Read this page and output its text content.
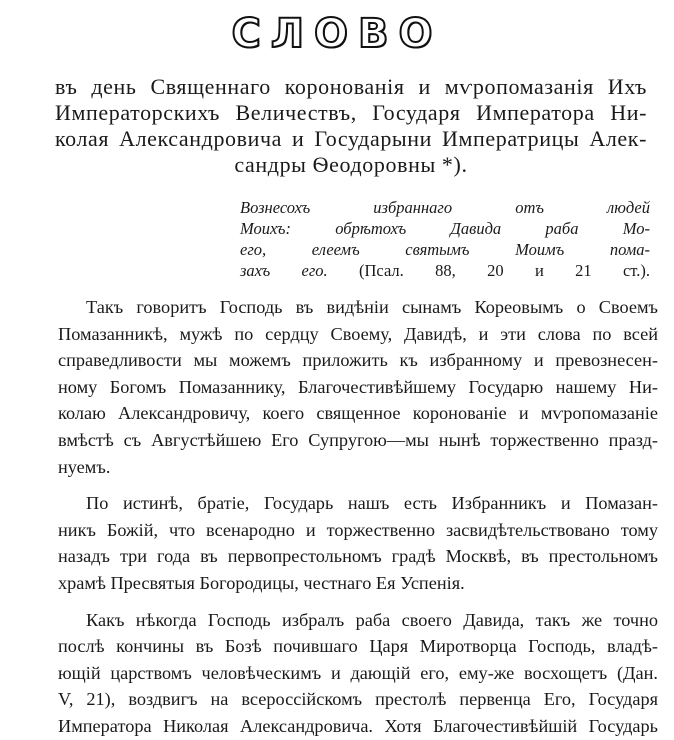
СЛОВО
въ день Священнаго коронованія и мѵропомазанія Ихъ
Императорскихъ Величествъ, Государя Императора Ни-
колая Александровича и Государыни Императрицы Алек-
сандры Ѳеодоровны *).
Вознесохъ избраннаго отъ людей
Моихъ: обрѣтохъ Давида раба Мо-
его, елеемъ святымъ Моимъ пома-
захъ его. (Псал. 88, 20 и 21 ст.).
Такъ говоритъ Господь въ видѣніи сынамъ Кореовымъ о Своемъ
Помазанникѣ, мужѣ по сердцу Своему, Давидѣ, и эти слова по всей
справедливости мы можемъ приложить къ избранному и превознесен-
ному Богомъ Помазаннику, Благочестивѣйшему Государю нашему Ни-
колаю Александровичу, коего священное коронованіе и мѵропомазаніе
вмѣстѣ съ Августѣйшею Его Супругою—мы нынѣ торжественно празд-
нуемъ.
По истинѣ, братіе, Государь нашъ есть Избранникъ и Помазан-
никъ Божій, что всенародно и торжественно засвидѣтельствовано тому
назадъ три года въ первопрестольномъ градѣ Москвѣ, въ престольномъ
храмѣ Пресвятыя Богородицы, честнаго Ея Успенія.
Какъ нѣкогда Господь избралъ раба своего Давида, такъ же точно
послѣ кончины въ Бозѣ почившаго Царя Миротворца Господь, владѣ-
ющій царствомъ человѣческимъ и дающій его, ему-же восхощетъ (Дан.
V, 21), воздвигъ на всероссійскомъ престолѣ первенца Его, Государя
Императора Николая Александровича. Хотя Благочестивѣйшій Государь
